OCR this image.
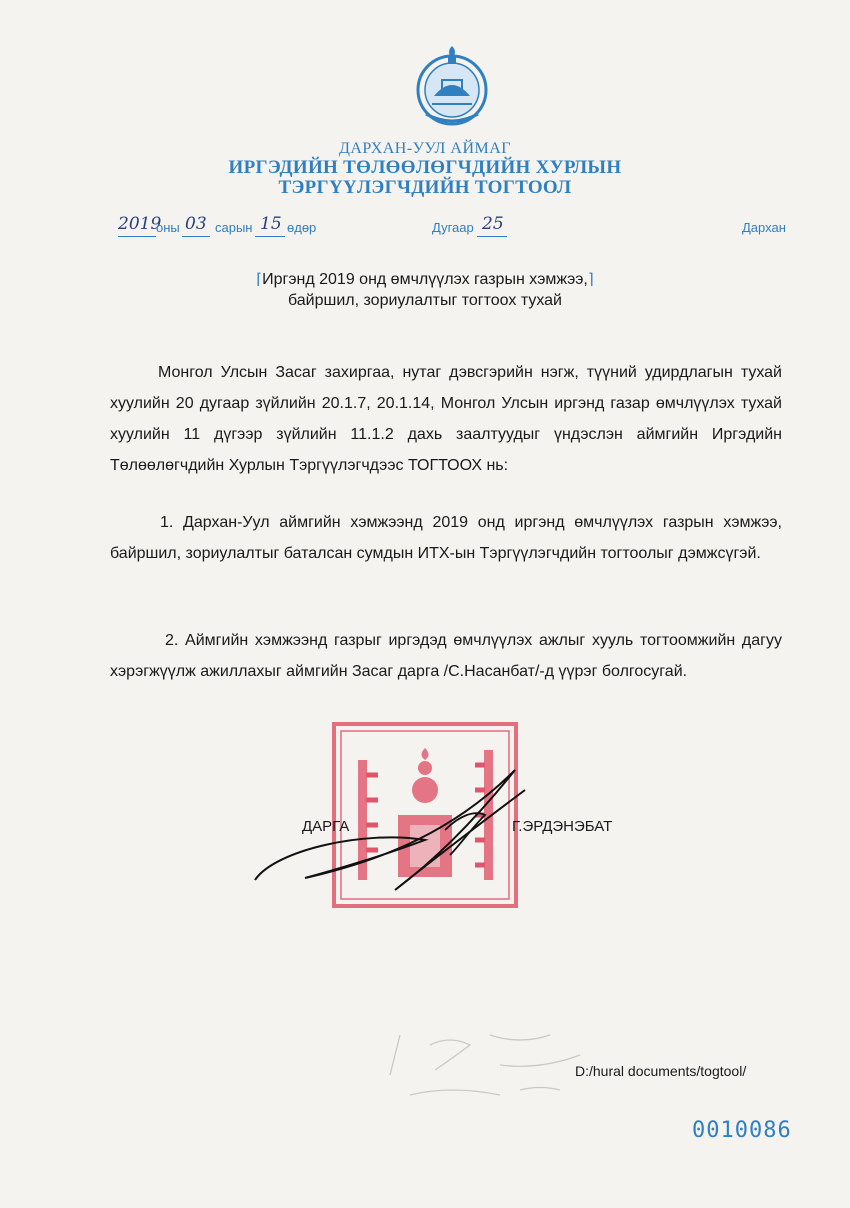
ДАРХАН-УУЛ АЙМАГ
ИРГЭДИЙН ТӨЛӨӨЛӨГЧДИЙН ХУРЛЫН
ТЭРГҮҮЛЭГЧДИЙН ТОГТООЛ
2019
оны 03 сарын 15 өдөр	Дугаар 25	Дархан
⌈Иргэнд 2019 онд өмчлүүлэх газрын хэмжээ,⌉
байршил, зориулалтыг тогтоох тухай

Монгол Улсын Засаг захиргаа, нутаг дэвсгэрийн нэгж, түүний удирдлагын тухай хуулийн 20 дугаар зүйлийн 20.1.7, 20.1.14, Монгол Улсын иргэнд газар өмчлүүлэх тухай хуулийн 11 дүгээр зүйлийн 11.1.2 дахь заалтуудыг үндэслэн аймгийн Иргэдийн Төлөөлөгчдийн Хурлын Тэргүүлэгчдээс ТОГТООХ нь:

1. Дархан-Уул аймгийн хэмжээнд 2019 онд иргэнд өмчлүүлэх газрын хэмжээ, байршил, зориулалтыг баталсан сумдын ИТХ-ын Тэргүүлэгчдийн тогтоолыг дэмжсүгэй.

2. Аймгийн хэмжээнд газрыг иргэдэд өмчлүүлэх ажлыг хууль тогтоомжийн дагуу хэрэгжүүлж ажиллахыг аймгийн Засаг дарга /С.Насанбат/-д үүрэг болгосугай.

ДАРГА	Г.ЭРДЭНЭБАТ
D:/hural documents/togtool/
0010086
